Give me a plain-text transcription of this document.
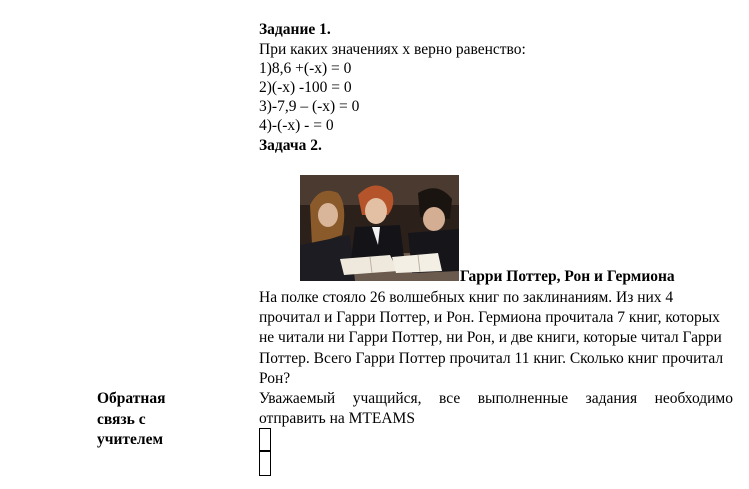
Задание 1.
При каких значениях х верно равенство:
1)8,6 +(-х) = 0
2)(-х) -100 = 0
3)-7,9 – (-х) = 0
4)-(-х) - = 0
Задача 2.
Гарри Поттер, Рон и Гермиона
На полке стояло 26 волшебных книг по заклинаниям. Из них 4 прочитал и Гарри Поттер, и Рон. Гермиона прочитала 7 книг, которых не читали ни Гарри Поттер, ни Рон, и две книги, которые читал Гарри Поттер. Всего Гарри Поттер прочитал 11 книг. Сколько книг прочитал Рон?
Обратная связь с учителем
Уважаемый учащийся, все выполненные задания необходимо отправить на MTEAMS
